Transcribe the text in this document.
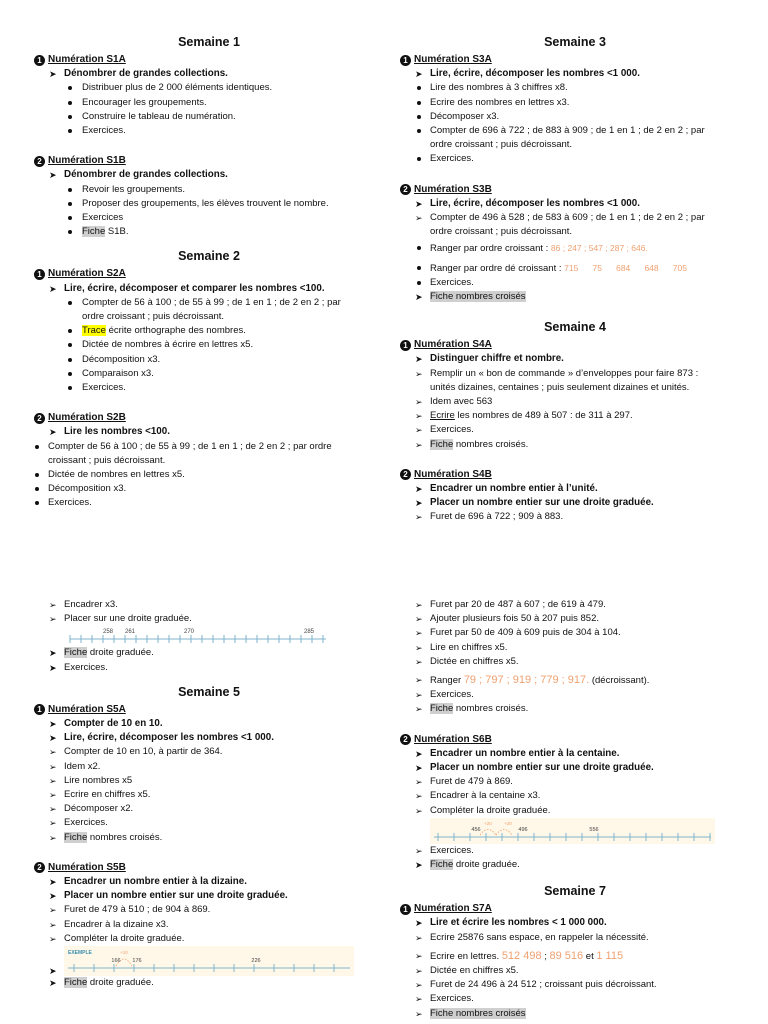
Semaine 1
1 Numération S1A
➤ Dénombrer de grandes collections.
Distribuer plus de 2 000 éléments identiques.
Encourager les groupements.
Construire le tableau de numération.
Exercices.
2 Numération S1B
➤ Dénombrer de grandes collections.
Revoir les groupements.
Proposer des groupements, les élèves trouvent le nombre.
Exercices
Fiche S1B.
Semaine 2
1 Numération S2A
➤ Lire, écrire, décomposer et comparer les nombres <100.
Compter de 56 à 100 ; de 55 à 99 ; de 1 en 1 ; de 2 en 2 ; par
ordre croissant ; puis décroissant.
Trace écrite orthographe des nombres.
Dictée de nombres à écrire en lettres x5.
Décomposition x3.
Comparaison x3.
Exercices.
2 Numération S2B
➤ Lire les nombres <100.
Compter de 56 à 100 ; de 55 à 99 ; de 1 en 1 ; de 2 en 2 ; par ordre
croissant ; puis décroissant.
Dictée de nombres en lettres x5.
Décomposition x3.
Exercices.
Semaine 3
1 Numération S3A
➤ Lire, écrire, décomposer les nombres <1 000.
Lire des nombres à 3 chiffres x8.
Ecrire des nombres en lettres x3.
Décomposer x3.
Compter de 696 à 722 ; de 883 à 909 ; de 1 en 1 ; de 2 en 2 ; par
ordre croissant ; puis décroissant.
Exercices.
2 Numération S3B
➤ Lire, écrire, décomposer les nombres <1 000.
➢ Compter de 496 à 528 ; de 583 à 609 ; de 1 en 1 ; de 2 en 2 ; par
ordre croissant ; puis décroissant.
Ranger par ordre croissant : 86 ; 247 ; 547 ; 287 ; 646.
Ranger par ordre dé croissant : 715      75      684      648      705
Exercices.
➤ Fiche nombres croisés
Semaine 4
1 Numération S4A
➤ Distinguer chiffre et nombre.
➢ Remplir un « bon de commande » d’enveloppes pour faire 873 :
unités dizaines, centaines ; puis seulement dizaines et unités.
➢ Idem avec 563
➢ Ecrire les nombres de 489 à 507 : de 311 à 297.
➢ Exercices.
➢ Fiche nombres croisés.
2 Numération S4B
➤ Encadrer un nombre entier à l’unité.
➤ Placer un nombre entier sur une droite graduée.
➢ Furet de 696 à 722 ; 909 à 883.
➢ Encadrer x3.
➢ Placer sur une droite graduée.
258 261	270	285
➤ Fiche droite graduée.
➤ Exercices.
Semaine 5
1 Numération S5A
➤ Compter de 10 en 10.
➤ Lire, écrire, décomposer les nombres <1 000.
➢ Compter de 10 en 10, à partir de 364.
➢ Idem x2.
➢ Lire nombres x5
➢ Ecrire en chiffres x5.
➢ Décomposer x2.
➢ Exercices.
➢ Fiche nombres croisés.
2 Numération S5B
➤ Encadrer un nombre entier à la dizaine.
➤ Placer un nombre entier sur une droite graduée.
➢ Furet de 479 à 510 ; de 904 à 869.
➢ Encadrer à la dizaine x3.
➢ Compléter la droite graduée.
➤
EXEMPLE	+10
166 176	226
➤ Fiche droite graduée.
➢ Furet par 20 de 487 à 607 ; de 619 à 479.
➢ Ajouter plusieurs fois 50 à 207 puis 852.
➢ Furet par 50 de 409 à 609 puis de 304 à 104.
➢ Lire en chiffres x5.
➢ Dictée en chiffres x5.
➢ Ranger 79 ; 797 ; 919 ; 779 ; 917. (décroissant).
➢ Exercices.
➢ Fiche nombres croisés.
2 Numération S6B
➤ Encadrer un nombre entier à la centaine.
➤ Placer un nombre entier sur une droite graduée.
➢ Furet de 479 à 869.
➢ Encadrer à la centaine x3.
➢ Compléter la droite graduée.
+20	+20
456	496	556
➢ Exercices.
➤ Fiche droite graduée.
Semaine 7
1 Numération S7A
➤ Lire et écrire les nombres < 1 000 000.
➢ Ecrire 25876 sans espace, en rappeler la nécessité.
➢ Ecrire en lettres. 512 498 ; 89 516 et 1 115
➢ Dictée en chiffres x5.
➢ Furet de 24 496 à 24 512 ; croissant puis décroissant.
➢ Exercices.
➢ Fiche nombres croisés
